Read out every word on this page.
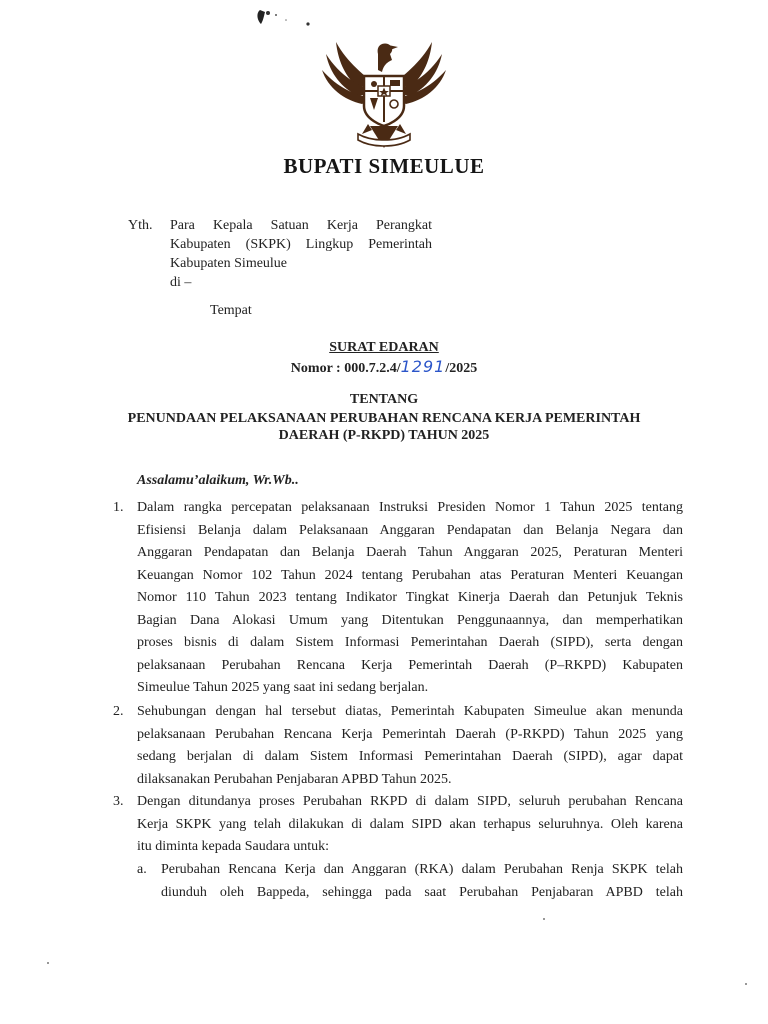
BUPATI SIMEULUE
Yth. Para Kepala Satuan Kerja Perangkat
Kabupaten (SKPK) Lingkup Pemerintah
Kabupaten Simeulue
di –
Tempat
SURAT EDARAN
Nomor : 000.7.2.4/1291/2025
TENTANG
PENUNDAAN PELAKSANAAN PERUBAHAN RENCANA KERJA PEMERINTAH
DAERAH (P-RKPD) TAHUN 2025
Assalamu’alaikum, Wr.Wb..
1. Dalam rangka percepatan pelaksanaan Instruksi Presiden Nomor 1 Tahun 2025 tentang
Efisiensi Belanja dalam Pelaksanaan Anggaran Pendapatan dan Belanja Negara dan
Anggaran Pendapatan dan Belanja Daerah Tahun Anggaran 2025, Peraturan Menteri
Keuangan Nomor 102 Tahun 2024 tentang Perubahan atas Peraturan Menteri Keuangan
Nomor 110 Tahun 2023 tentang Indikator Tingkat Kinerja Daerah dan Petunjuk Teknis
Bagian Dana Alokasi Umum yang Ditentukan Penggunaannya, dan memperhatikan
proses bisnis di dalam Sistem Informasi Pemerintahan Daerah (SIPD), serta dengan
pelaksanaan Perubahan Rencana Kerja Pemerintah Daerah (P–RKPD) Kabupaten
Simeulue Tahun 2025 yang saat ini sedang berjalan.
2. Sehubungan dengan hal tersebut diatas, Pemerintah Kabupaten Simeulue akan menunda
pelaksanaan Perubahan Rencana Kerja Pemerintah Daerah (P-RKPD) Tahun 2025 yang
sedang berjalan di dalam Sistem Informasi Pemerintahan Daerah (SIPD), agar dapat
dilaksanakan Perubahan Penjabaran APBD Tahun 2025.
3. Dengan ditundanya proses Perubahan RKPD di dalam SIPD, seluruh perubahan Rencana
Kerja SKPK yang telah dilakukan di dalam SIPD akan terhapus seluruhnya. Oleh karena
itu diminta kepada Saudara untuk:
a. Perubahan Rencana Kerja dan Anggaran (RKA) dalam Perubahan Renja SKPK telah
diunduh oleh Bappeda, sehingga pada saat Perubahan Penjabaran APBD telah
